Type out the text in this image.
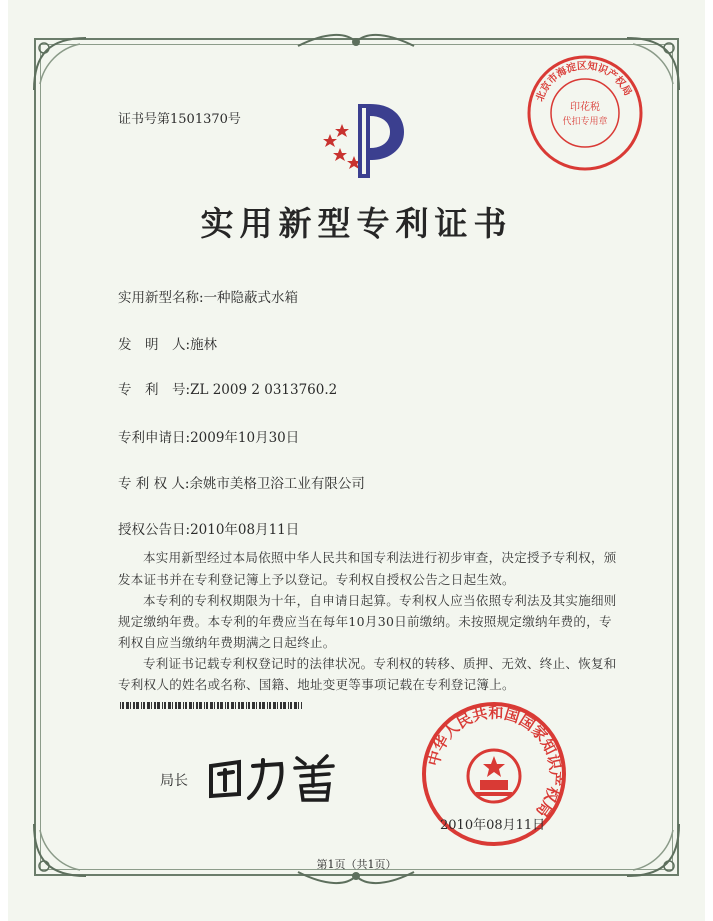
证书号第1501370号
北京市海淀区知识产权局
印花税
代扣专用章
实用新型专利证书
实用新型名称:一种隐蔽式水箱
发　明　人:施林
专　利　号:ZL 2009 2 0313760.2
专利申请日:2009年10月30日
专 利 权 人:余姚市美格卫浴工业有限公司
授权公告日:2010年08月11日
本实用新型经过本局依照中华人民共和国专利法进行初步审查，决定授予专利权，颁
发本证书并在专利登记簿上予以登记。专利权自授权公告之日起生效。
本专利的专利权期限为十年，自申请日起算。专利权人应当依照专利法及其实施细则
规定缴纳年费。本专利的年费应当在每年10月30日前缴纳。未按照规定缴纳年费的，专
利权自应当缴纳年费期满之日起终止。
专利证书记载专利权登记时的法律状况。专利权的转移、质押、无效、终止、恢复和
专利权人的姓名或名称、国籍、地址变更等事项记载在专利登记簿上。
局长
中华人民共和国国家知识产权局
2010年08月11日
第1页（共1页）
